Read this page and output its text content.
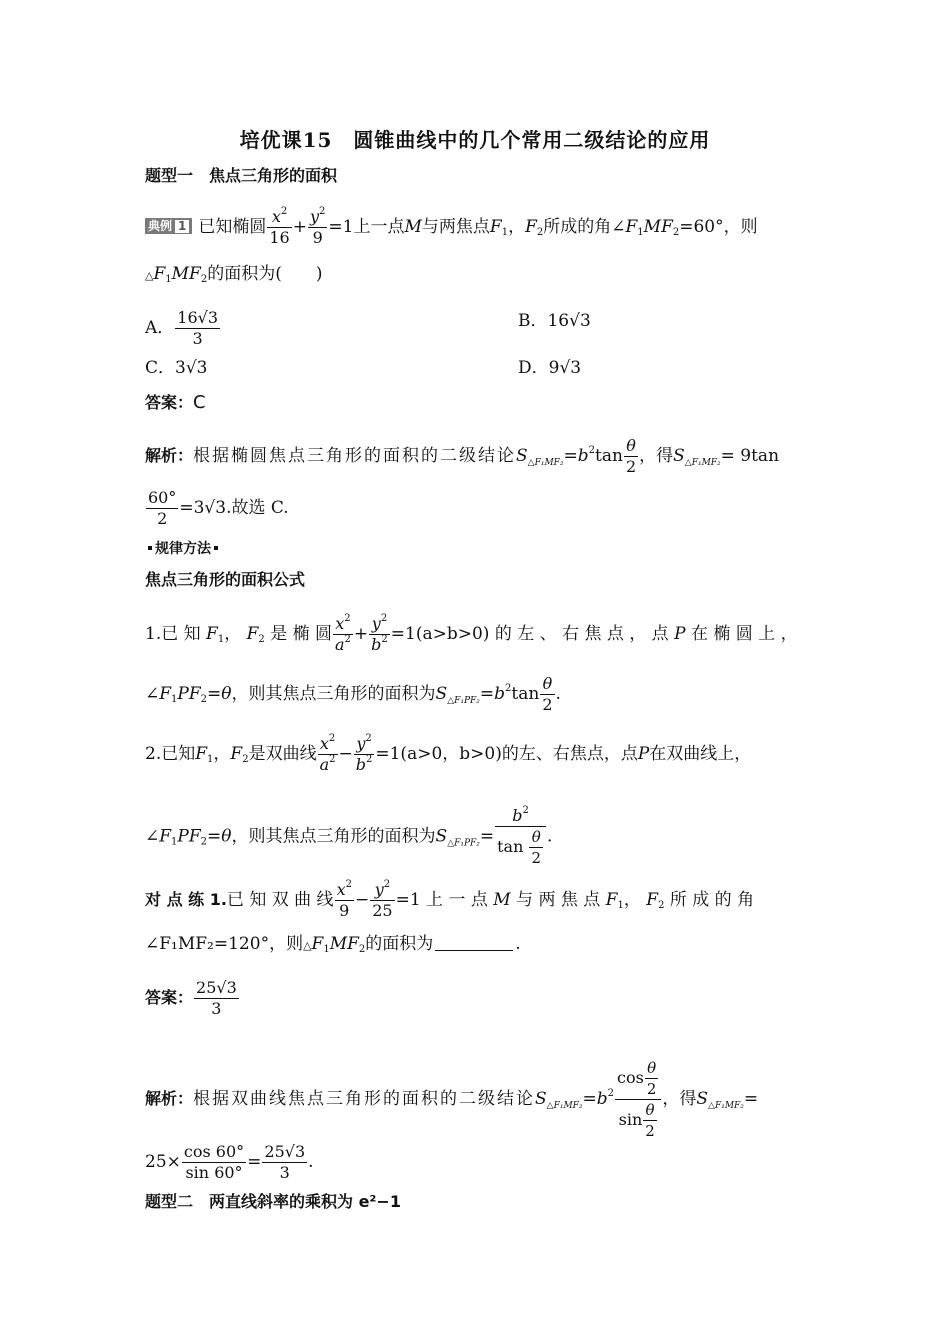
培优课15　圆锥曲线中的几个常用二级结论的应用
题型一　焦点三角形的面积
典例 1 已知椭圆 $\frac{x^2}{16} + \frac{y^2}{9} =1$上一点M与两焦点$F_1$，$F_2$所成的角$\angle F_1MF_2=60^\circ$，则
$\triangle F_1MF_2$的面积为(　　)
A． $\frac{16√3}{3}$	B．16√3
C．3√3	D．9√3
答案：C
解析：根据椭圆焦点三角形的面积的二级结论$S_{\triangle F_1MF_2}=b^2\tan \frac{\theta}{2}$ ，得$S_{\triangle F_1MF_2}= 9\tan$
$\frac{60^\circ}{2} =3√3$.故选 C.
规律方法
焦点三角形的面积公式
1.已 知 $F_1$， $F_2$ 是 椭 圆 $\frac{x^2}{a^2} + \frac{y^2}{b^2} =1(a>b>0)$ 的 左 、 右 焦 点 ， 点 P 在 椭 圆 上 ，
$\angle F_1PF_2=\theta$，则其焦点三角形的面积为$S_{\triangle F_1PF_2}=b^2\tan \frac{\theta}{2}$ .
2.已知$F_1$，$F_2$是双曲线 $\frac{x^2}{a^2} - \frac{y^2}{b^2} =1(a>0$，b>0)的左、右焦点，点P在双曲线上，
$\angle F_1PF_2=\theta$，则其焦点三角形的面积为$S_{\triangle F_1PF_2}= \frac{b^2}{\tan \frac{\theta}{2}}$ .
对 点 练 1.已 知 双 曲 线 $\frac{x^2}{9} - \frac{y^2}{25} =1$ 上 一 点 M 与 两 焦 点 $F_1$， $F_2$ 所 成 的 角
∠F₁MF₂=120°，则$\triangle F_1MF_2$的面积为	.
答案： $\frac{25√3}{3}$
解析：根据双曲线焦点三角形的面积的二级结论$S_{\triangle F_1MF_2}=b^2 \frac{\cos \frac{\theta}{2}}{\sin \frac{\theta}{2}}$ ，得$S_{\triangle F_1MF_2}=$
$25\times \frac{\cos 60^\circ}{\sin 60^\circ} = \frac{25√3}{3}$ .
题型二　两直线斜率的乘积为 e²−1
